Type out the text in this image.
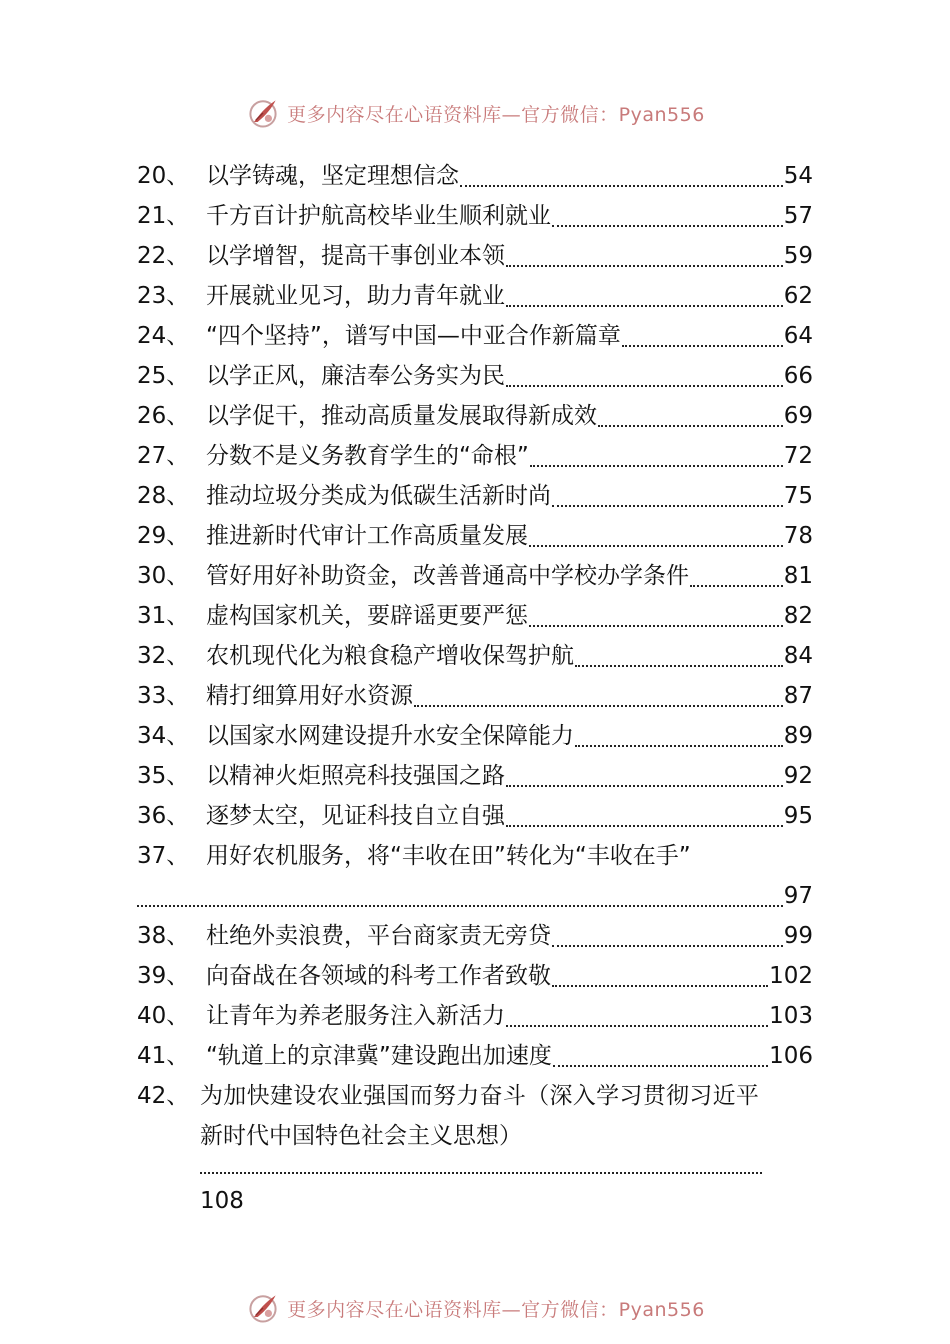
更多内容尽在心语资料库—官方微信：Pyan556
20、 以学铸魂，坚定理想信念	54
21、 千方百计护航高校毕业生顺利就业	57
22、 以学增智，提高干事创业本领	59
23、 开展就业见习，助力青年就业	62
24、 “四个坚持”，谱写中国—中亚合作新篇章	64
25、 以学正风，廉洁奉公务实为民	66
26、 以学促干，推动高质量发展取得新成效	69
27、 分数不是义务教育学生的“命根”	72
28、 推动垃圾分类成为低碳生活新时尚	75
29、 推进新时代审计工作高质量发展	78
30、 管好用好补助资金，改善普通高中学校办学条件	81
31、 虚构国家机关，要辟谣更要严惩	82
32、 农机现代化为粮食稳产增收保驾护航	84
33、 精打细算用好水资源	87
34、 以国家水网建设提升水安全保障能力	89
35、 以精神火炬照亮科技强国之路	92
36、 逐梦太空，见证科技自立自强	95
37、 用好农机服务，将“丰收在田”转化为“丰收在手”
97
38、 杜绝外卖浪费，平台商家责无旁贷	99
39、 向奋战在各领域的科考工作者致敬	102
40、 让青年为养老服务注入新活力	103
41、 “轨道上的京津冀”建设跑出加速度	106
42、 为加快建设农业强国而努力奋斗（深入学习贯彻习近平
新时代中国特色社会主义思想）
108
更多内容尽在心语资料库—官方微信：Pyan556
